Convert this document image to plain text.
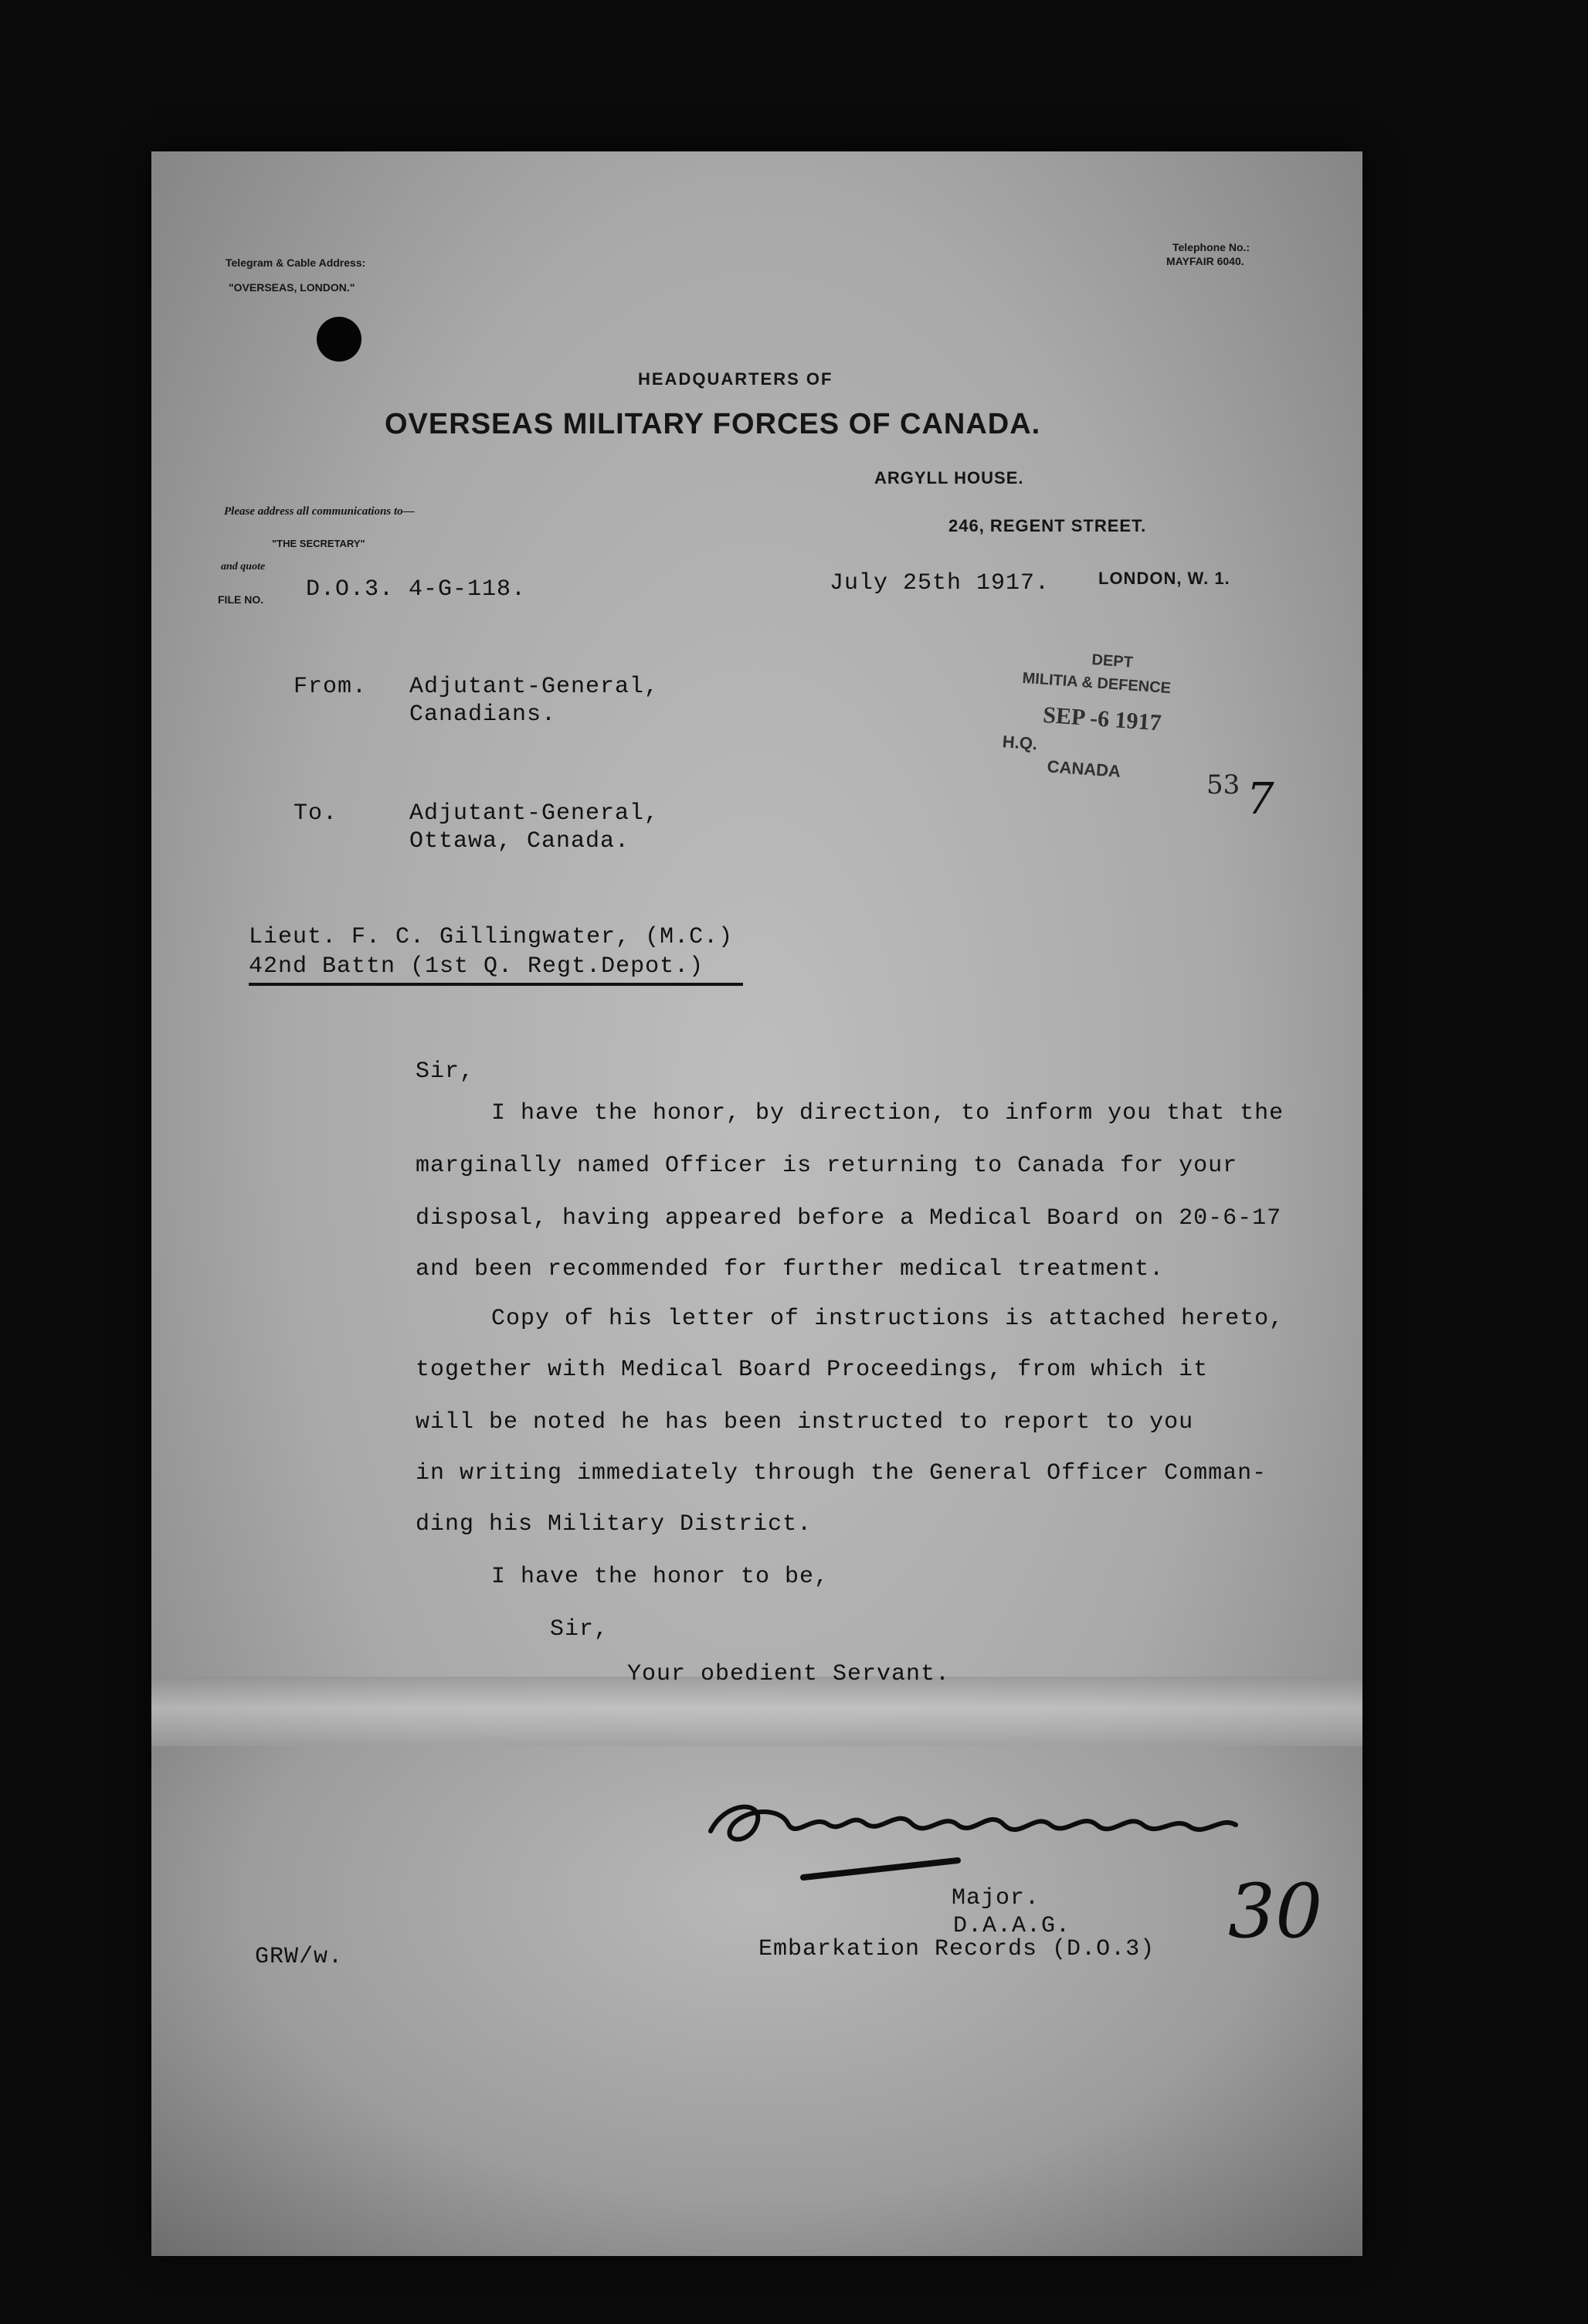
Telegram & Cable Address:
"OVERSEAS, LONDON."
Telephone No.:
MAYFAIR 6040.
HEADQUARTERS OF
OVERSEAS MILITARY FORCES OF CANADA.
ARGYLL HOUSE.
246, REGENT STREET.
LONDON, W. 1.
Please address all communications to—
"THE SECRETARY"
and quote
FILE NO. D.O.3. 4-G-118.	July 25th 1917.
DEPT
MILITIA & DEFENCE
SEP -6 1917
H.Q.
CANADA
53 7
From. Adjutant-General,
Canadians.
To.	Adjutant-General,
Ottawa, Canada.
Lieut. F. C. Gillingwater, (M.C.)
42nd Battn (1st Q. Regt.Depot.)
Sir,
I have the honor, by direction, to inform you that the
marginally named Officer is returning to Canada for your
disposal, having appeared before a Medical Board on 20-6-17
and been recommended for further medical treatment.
Copy of his letter of instructions is attached hereto,
together with Medical Board Proceedings, from which it
will be noted he has been instructed to report to you
in writing immediately through the General Officer Comman-
ding his Military District.
I have the honor to be,
Sir,
Your obedient Servant.
Major.
D.A.A.G.
Embarkation Records (D.O.3)
GRW/w.
30
